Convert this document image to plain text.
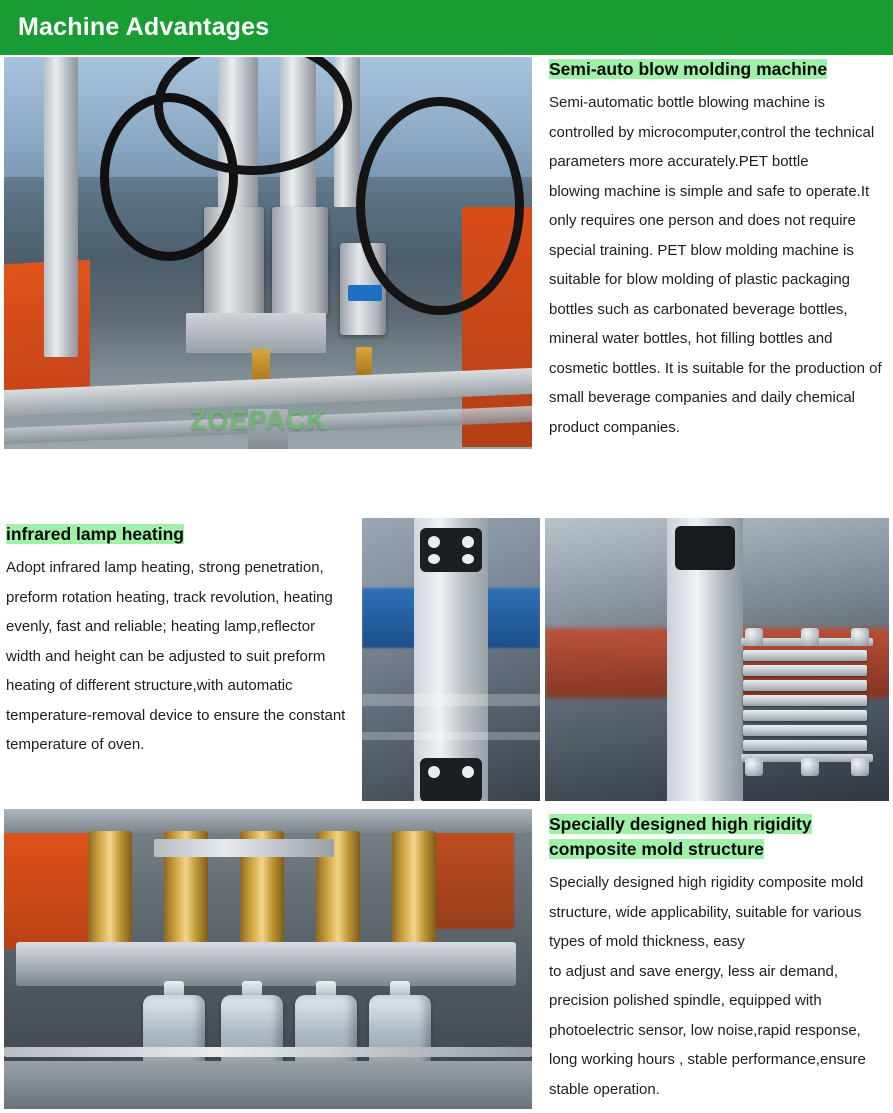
Machine Advantages
ZOEPACK
Semi-auto blow molding machine

Semi-automatic bottle blowing machine is controlled by microcomputer,control the technical parameters more accurately.PET bottle

blowing machine is simple and safe to operate.It only requires one person and does not require special training. PET blow molding machine is suitable for blow molding of plastic packaging bottles such as carbonated beverage bottles, mineral water bottles, hot filling bottles and cosmetic bottles. It is suitable for the production of small beverage companies and daily chemical product companies.

infrared lamp heating

Adopt infrared lamp heating, strong penetration, preform rotation heating, track revolution, heating evenly, fast and reliable; heating lamp,reflector width and height can be adjusted to suit preform heating of different structure,with automatic

temperature-removal device to ensure the constant temperature of oven.

Specially designed high rigidity composite mold structure

Specially designed high rigidity composite mold structure, wide applicability, suitable for various types of mold thickness, easy

to adjust and save energy, less air demand, precision polished spindle, equipped with photoelectric sensor, low noise,rapid response, long working hours , stable performance,ensure stable operation.
